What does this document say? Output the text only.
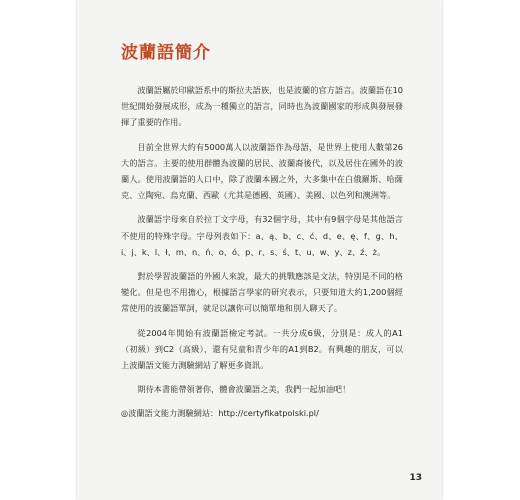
波蘭語簡介

波蘭語屬於印歐語系中的斯拉夫語族，也是波蘭的官方語言。波蘭語在10世紀開始發展成形，成為一種獨立的語言，同時也為波蘭國家的形成與發展發揮了重要的作用。

目前全世界大約有5000萬人以波蘭語作為母語，是世界上使用人數第26大的語言。主要的使用群體為波蘭的居民、波蘭裔後代，以及居住在國外的波蘭人。使用波蘭語的人口中，除了波蘭本國之外，大多集中在白俄羅斯、哈薩克、立陶宛、烏克蘭、西歐（尤其是德國、英國）、美國、以色列和澳洲等。

波蘭語字母來自於拉丁文字母，有32個字母，其中有9個字母是其他語言不使用的特殊字母。字母列表如下：a、ą、b、c、ć、d、e、ę、f、g、h、i、j、k、l、ł、m、n、ń、o、ó、p、r、s、ś、t、u、w、y、z、ź、ż。

對於學習波蘭語的外國人來說，最大的挑戰應該是文法，特別是不同的格變化。但是也不用擔心，根據語言學家的研究表示，只要知道大約1,200個經常使用的波蘭語單詞，就足以讓你可以簡單地和別人聊天了。

從2004年開始有波蘭語檢定考試。一共分成6級，分別是：成人的A1（初級）到C2（高級），還有兒童和青少年的A1到B2。有興趣的朋友，可以上波蘭語文能力測驗網站了解更多資訊。

期待本書能帶領著你，體會波蘭語之美，我們一起加油吧！

◎波蘭語文能力測驗網站：http://certyfikatpolski.pl/

13
